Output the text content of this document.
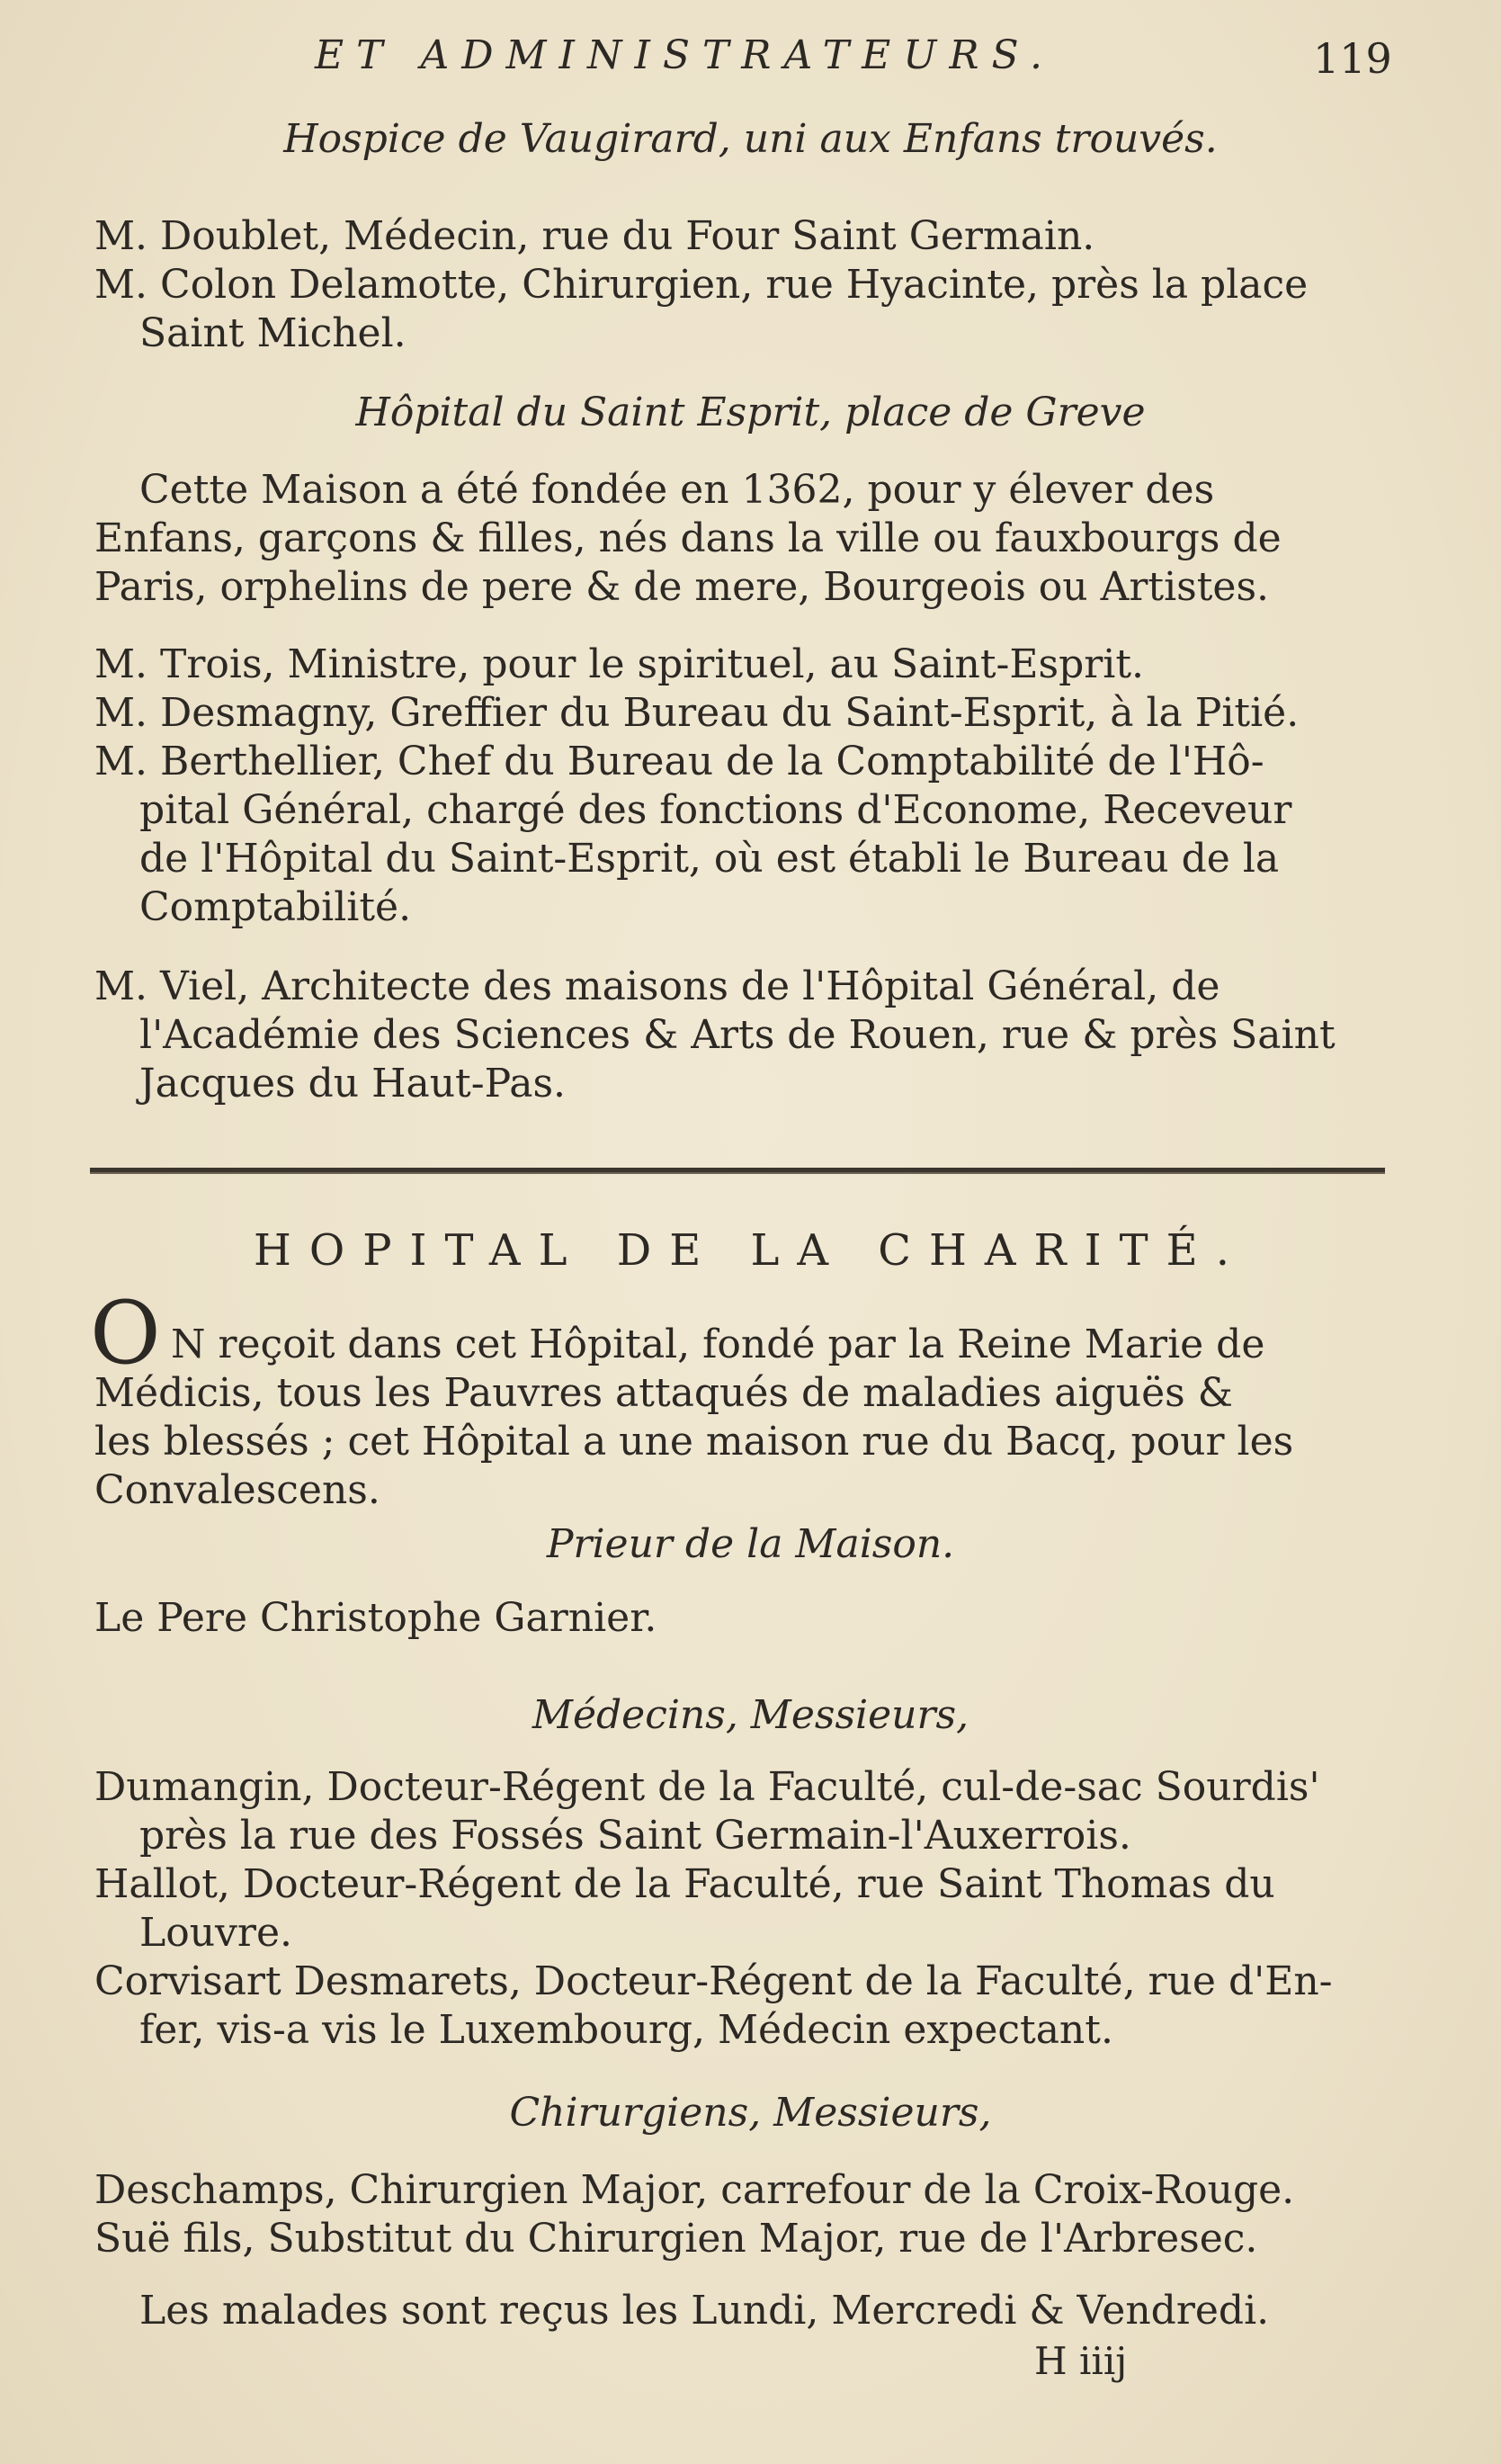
ET ADMINISTRATEURS.	119
Hospice de Vaugirard, uni aux Enfans trouvés.
M. Doublet, Médecin, rue du Four Saint Germain.
M. Colon Delamotte, Chirurgien, rue Hyacinte, près la place
Saint Michel.
Hôpital du Saint Esprit, place de Greve
Cette Maison a été fondée en 1362, pour y élever des
Enfans, garçons & filles, nés dans la ville ou fauxbourgs de
Paris, orphelins de pere & de mere, Bourgeois ou Artistes.
M. Trois, Ministre, pour le spirituel, au Saint-Esprit.
M. Desmagny, Greffier du Bureau du Saint-Esprit, à la Pitié.
M. Berthellier, Chef du Bureau de la Comptabilité de l'Hô-
pital Général, chargé des fonctions d'Econome, Receveur
de l'Hôpital du Saint-Esprit, où est établi le Bureau de la
Comptabilité.
M. Viel, Architecte des maisons de l'Hôpital Général, de
l'Académie des Sciences & Arts de Rouen, rue & près Saint
Jacques du Haut-Pas.
HOPITAL DE LA CHARITÉ.
O N reçoit dans cet Hôpital, fondé par la Reine Marie de
Médicis, tous les Pauvres attaqués de maladies aiguës &
les blessés ; cet Hôpital a une maison rue du Bacq, pour les
Convalescens.
Prieur de la Maison.
Le Pere Christophe Garnier.
Médecins, Messieurs,
Dumangin, Docteur-Régent de la Faculté, cul-de-sac Sourdis'
près la rue des Fossés Saint Germain-l'Auxerrois.
Hallot, Docteur-Régent de la Faculté, rue Saint Thomas du
Louvre.
Corvisart Desmarets, Docteur-Régent de la Faculté, rue d'En-
fer, vis-a vis le Luxembourg, Médecin expectant.
Chirurgiens, Messieurs,
Deschamps, Chirurgien Major, carrefour de la Croix-Rouge.
Suë fils, Substitut du Chirurgien Major, rue de l'Arbresec.
Les malades sont reçus les Lundi, Mercredi & Vendredi.
H iiij
